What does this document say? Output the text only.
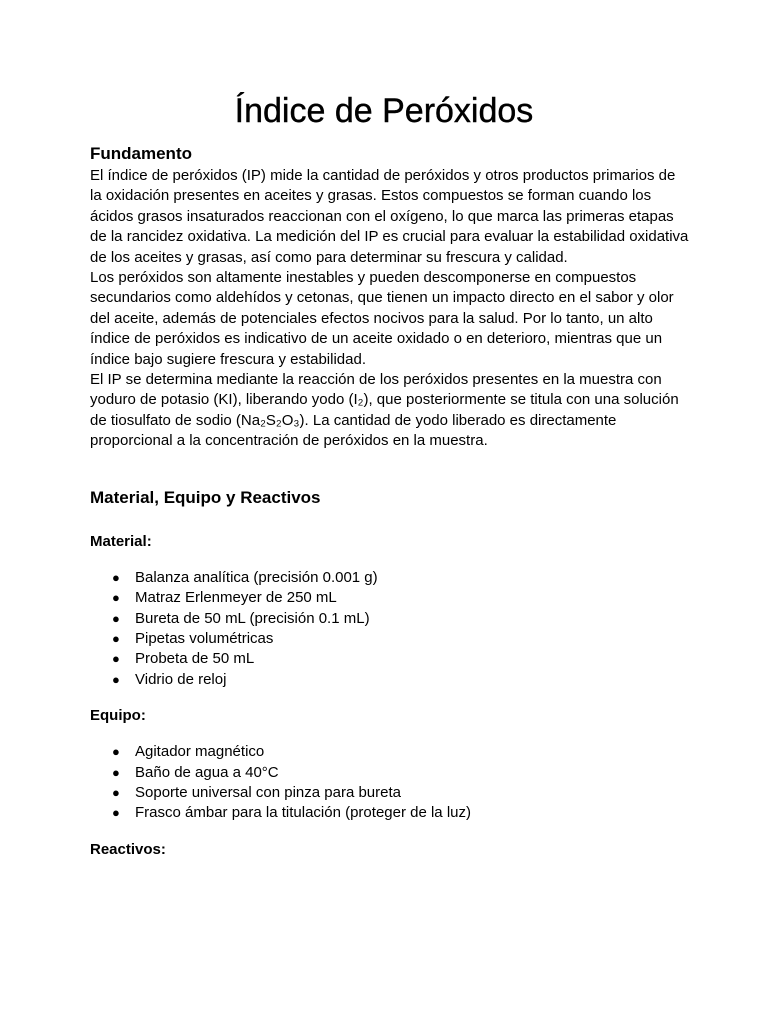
Índice de Peróxidos
Fundamento

El índice de peróxidos (IP) mide la cantidad de peróxidos y otros productos primarios de la oxidación presentes en aceites y grasas. Estos compuestos se forman cuando los ácidos grasos insaturados reaccionan con el oxígeno, lo que marca las primeras etapas de la rancidez oxidativa. La medición del IP es crucial para evaluar la estabilidad oxidativa de los aceites y grasas, así como para determinar su frescura y calidad.

Los peróxidos son altamente inestables y pueden descomponerse en compuestos secundarios como aldehídos y cetonas, que tienen un impacto directo en el sabor y olor del aceite, además de potenciales efectos nocivos para la salud. Por lo tanto, un alto índice de peróxidos es indicativo de un aceite oxidado o en deterioro, mientras que un índice bajo sugiere frescura y estabilidad.

El IP se determina mediante la reacción de los peróxidos presentes en la muestra con yoduro de potasio (KI), liberando yodo (I₂), que posteriormente se titula con una solución de tiosulfato de sodio (Na₂S₂O₃). La cantidad de yodo liberado es directamente proporcional a la concentración de peróxidos en la muestra.

Material, Equipo y Reactivos
Material:
● Balanza analítica (precisión 0.001 g)
● Matraz Erlenmeyer de 250 mL
● Bureta de 50 mL (precisión 0.1 mL)
● Pipetas volumétricas
● Probeta de 50 mL
● Vidrio de reloj
Equipo:
● Agitador magnético
● Baño de agua a 40°C
● Soporte universal con pinza para bureta
● Frasco ámbar para la titulación (proteger de la luz)
Reactivos:
